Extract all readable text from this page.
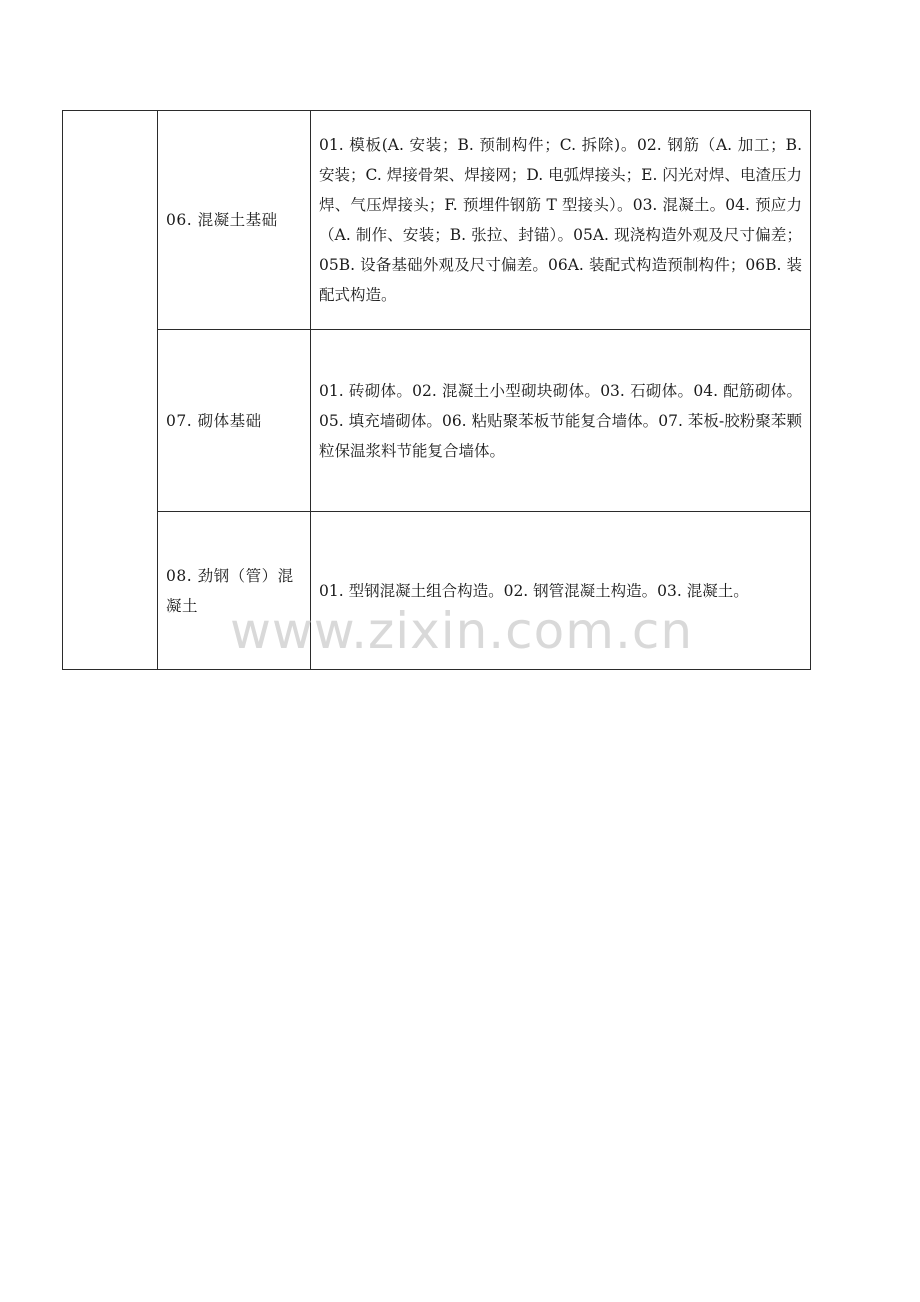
	06. 混凝土基础	01. 模板(A. 安装；B. 预制构件；C. 拆除)。02. 钢筋（A. 加工；B. 安装；C. 焊接骨架、焊接网；D. 电弧焊接头；E. 闪光对焊、电渣压力焊、气压焊接头；F. 预埋件钢筋 T 型接头）。03. 混凝土。04. 预应力（A. 制作、安装；B. 张拉、封锚）。05A. 现浇构造外观及尺寸偏差；05B. 设备基础外观及尺寸偏差。06A. 装配式构造预制构件；06B. 装配式构造。
	07. 砌体基础	01. 砖砌体。02. 混凝土小型砌块砌体。03. 石砌体。04. 配筋砌体。05. 填充墙砌体。06. 粘贴聚苯板节能复合墙体。07. 苯板-胶粉聚苯颗粒保温浆料节能复合墙体。
	08. 劲钢（管）混凝土	01. 型钢混凝土组合构造。02. 钢管混凝土构造。03. 混凝土。
www.zixin.com.cn
